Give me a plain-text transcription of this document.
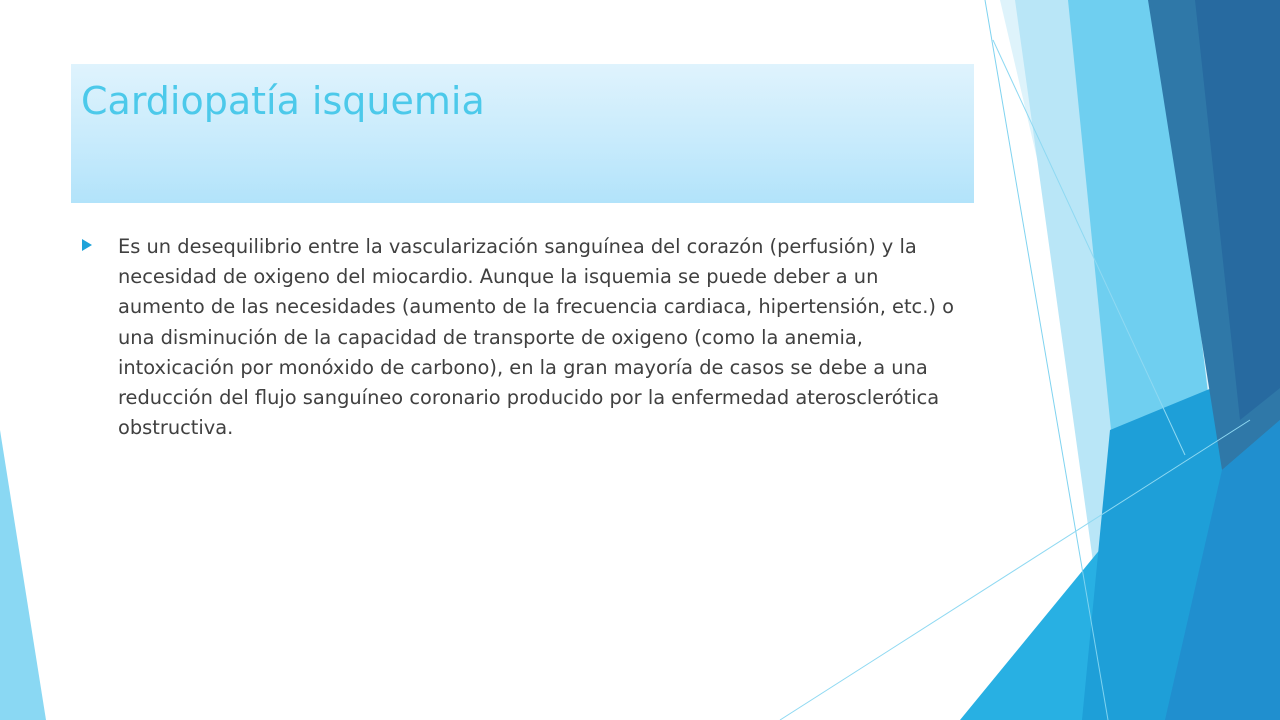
Cardiopatía isquemia

Es un desequilibrio entre la vascularización sanguínea del corazón (perfusión) y la necesidad de oxigeno del miocardio. Aunque la isquemia se puede deber a un aumento de las necesidades (aumento de la frecuencia cardiaca, hipertensión, etc.) o una disminución de la capacidad de transporte de oxigeno (como la anemia, intoxicación por monóxido de carbono), en la gran mayoría de casos se debe a una reducción del flujo sanguíneo coronario producido por la enfermedad aterosclerótica obstructiva.
